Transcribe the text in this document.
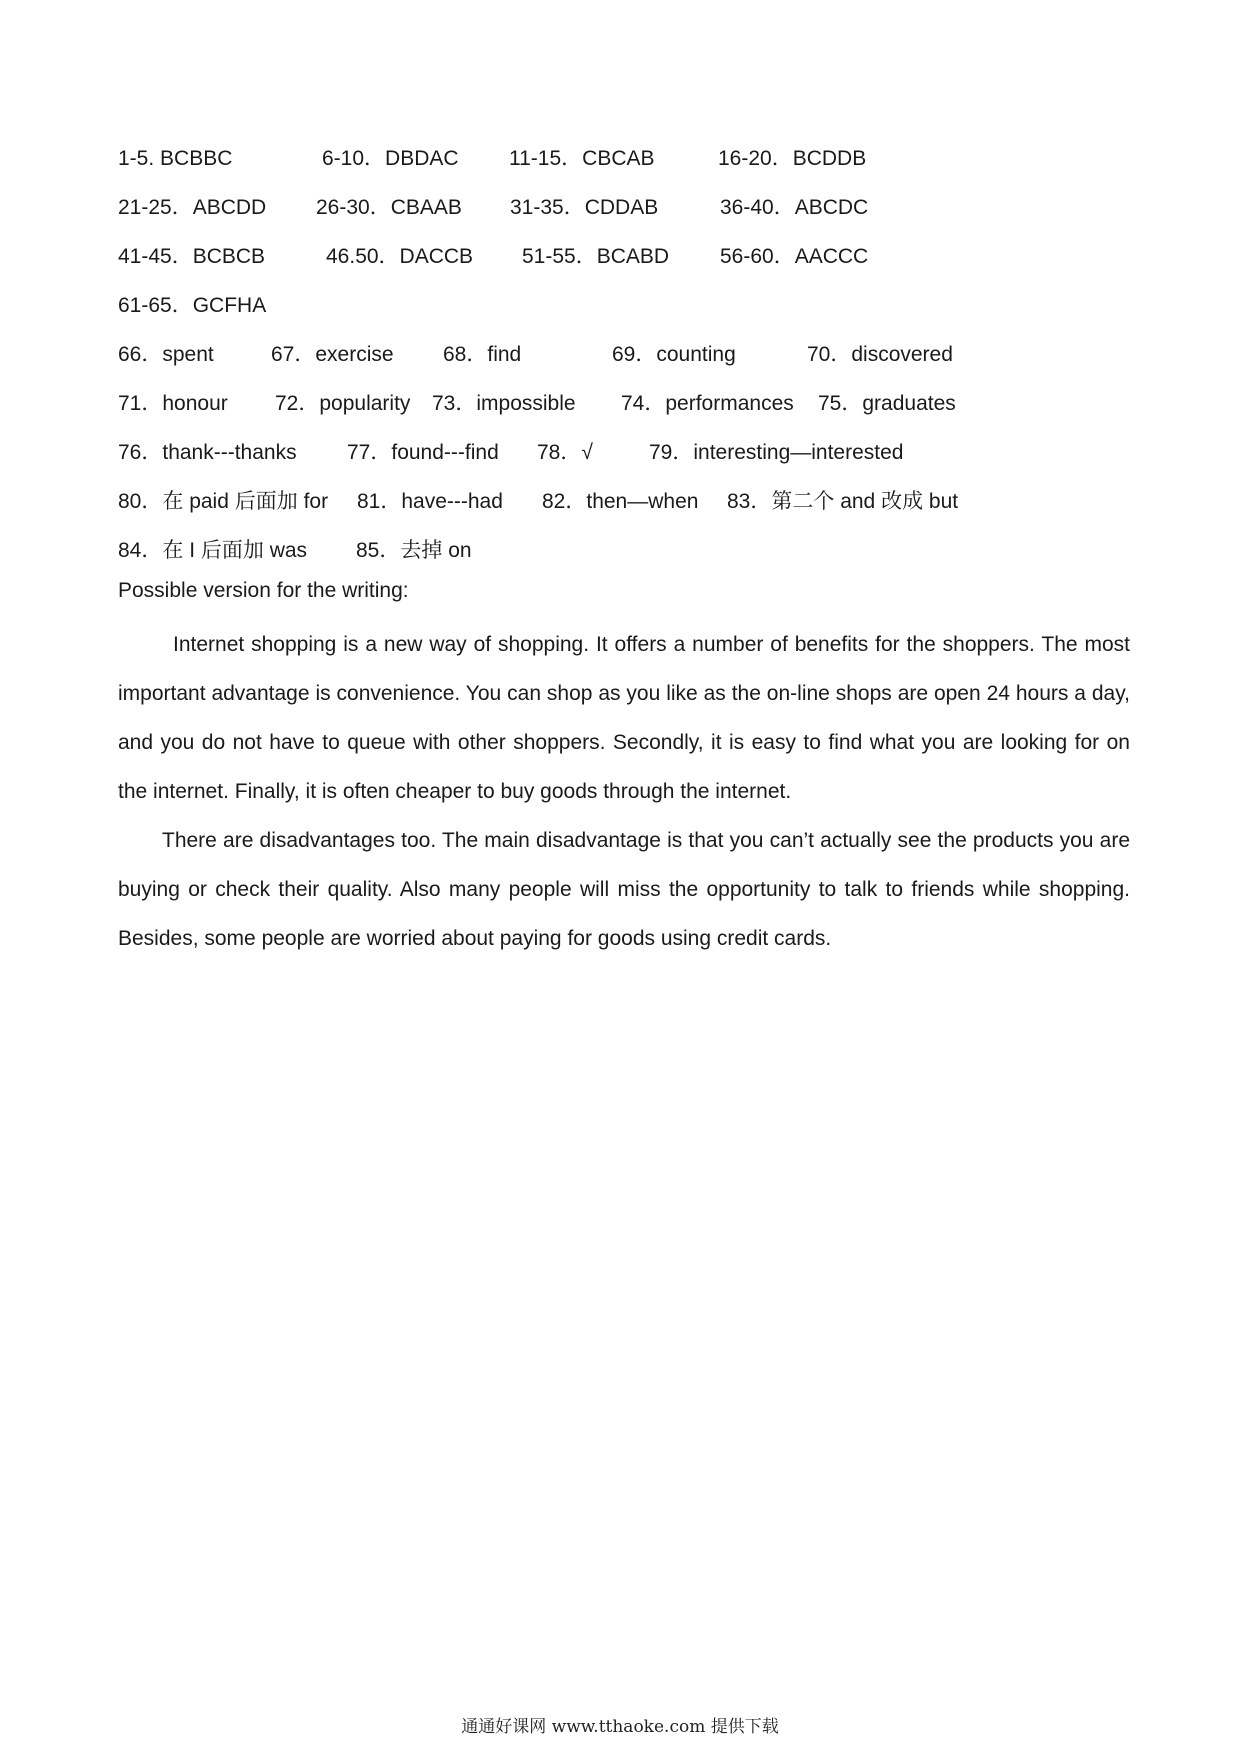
1-5. BCBBC	6-10．DBDAC 11-15．CBCAB	16-20．BCDDB
21-25．ABCDD 26-30．CBAAB 31-35．CDDAB	36-40．ABCDC
41-45．BCBCB	46.50．DACCB 51-55．BCABD 56-60．AACCC
61-65．GCFHA
66．spent	67．exercise 68．find	69．counting	70．discovered
71．honour 72．popularity 73．impossible 74．performances 75．graduates
76．thank---thanks 77．found---find 78．√	79．interesting—interested
80．在 paid 后面加 for 81．have---had 82．then—when 83．第二个 and 改成 but
84．在 I 后面加 was 85．去掉 on
Possible version for the writing:

Internet shopping is a new way of shopping. It offers a number of benefits for the shoppers. The most important advantage is convenience. You can shop as you like as the on-line shops are open 24 hours a day, and you do not have to queue with other shoppers. Secondly, it is easy to find what you are looking for on the internet. Finally, it is often cheaper to buy goods through the internet.

There are disadvantages too. The main disadvantage is that you can’t actually see the products you are buying or check their quality. Also many people will miss the opportunity to talk to friends while shopping. Besides, some people are worried about paying for goods using credit cards.

通通好课网 www.tthaoke.com 提供下载
